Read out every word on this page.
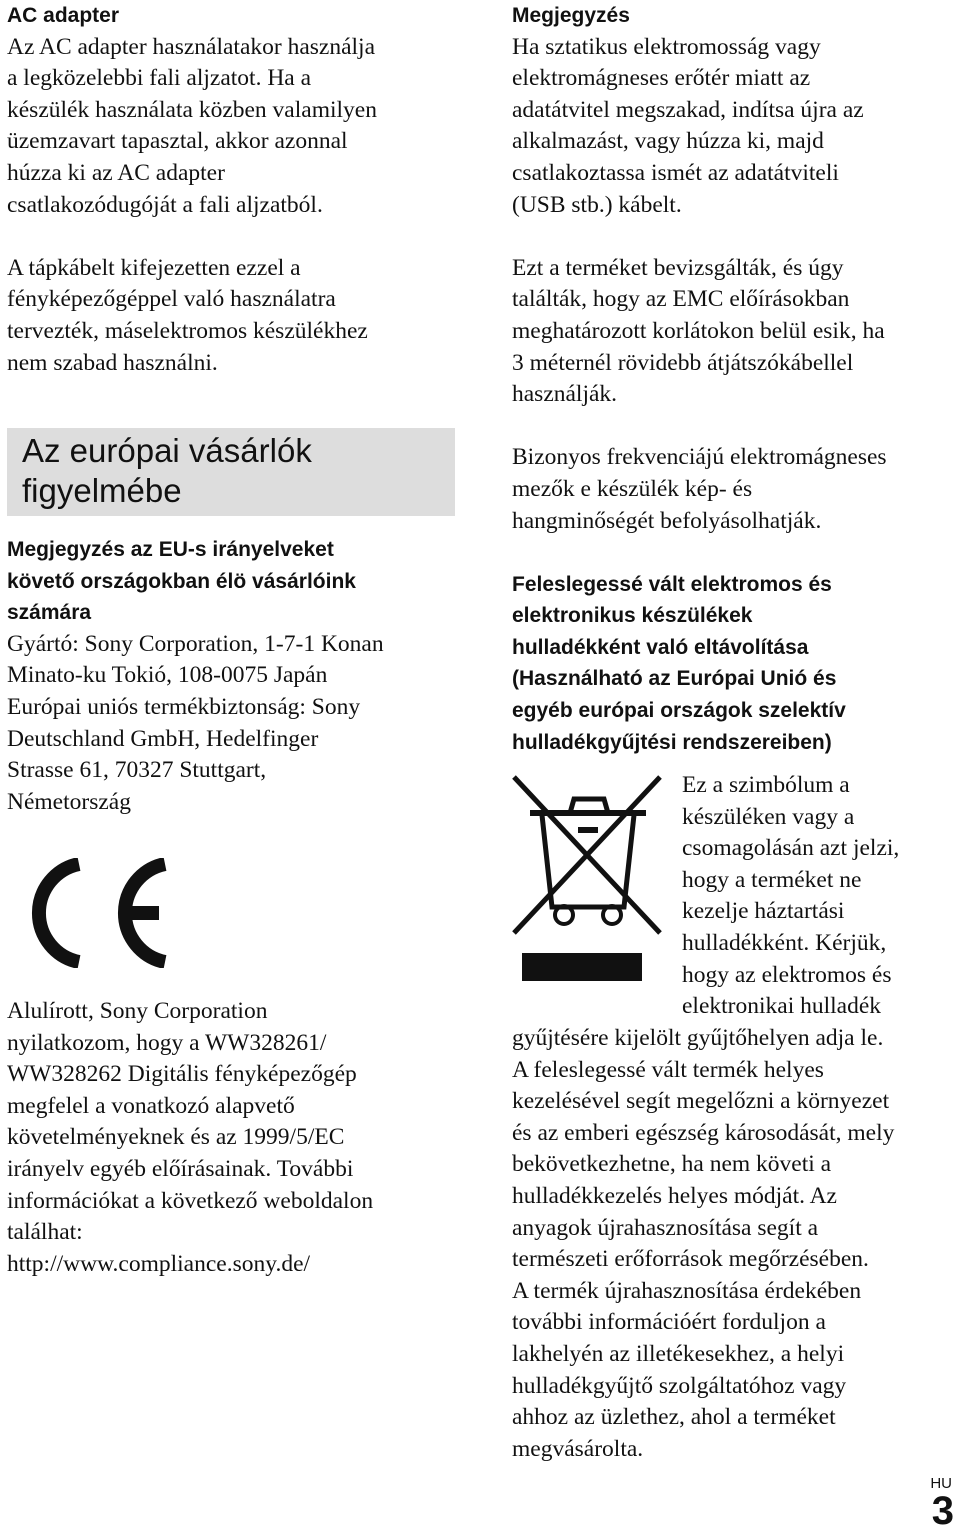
AC adapter

Az AC adapter használatakor használja
a legközelebbi fali aljzatot. Ha a
készülék használata közben valamilyen
üzemzavart tapasztal, akkor azonnal
húzza ki az AC adapter
csatlakozódugóját a fali aljzatból.

A tápkábelt kifejezetten ezzel a
fényképezőgéppel való használatra
tervezték, máselektromos készülékhez
nem szabad használni.

Az európai vásárlók
figyelmébe
Megjegyzés az EU-s irányelveket
követő országokban élö vásárlóink
számára

Gyártó: Sony Corporation, 1-7-1 Konan
Minato-ku Tokió, 108-0075 Japán
Európai uniós termékbiztonság: Sony
Deutschland GmbH, Hedelfinger
Strasse 61, 70327 Stuttgart,
Németország

Alulírott, Sony Corporation
nyilatkozom, hogy a WW328261/
WW328262 Digitális fényképezőgép
megfelel a vonatkozó alapvető
követelményeknek és az 1999/5/EC
irányelv egyéb előírásainak. További
információkat a következő weboldalon
találhat:
http://www.compliance.sony.de/

Megjegyzés

Ha sztatikus elektromosság vagy
elektromágneses erőtér miatt az
adatátvitel megszakad, indítsa újra az
alkalmazást, vagy húzza ki, majd
csatlakoztassa ismét az adatátviteli
(USB stb.) kábelt.

Ezt a terméket bevizsgálták, és úgy
találták, hogy az EMC előírásokban
meghatározott korlátokon belül esik, ha
3 méternél rövidebb átjátszókábellel
használják.

Bizonyos frekvenciájú elektromágneses
mezők e készülék kép- és
hangminőségét befolyásolhatják.

Feleslegessé vált elektromos és
elektronikus készülékek
hulladékként való eltávolítása
(Használható az Európai Unió és
egyéb európai országok szelektív
hulladékgyűjtési rendszereiben)

Ez a szimbólum a
készüléken vagy a
csomagolásán azt jelzi,
hogy a terméket ne
kezelje háztartási
hulladékként. Kérjük,
hogy az elektromos és
elektronikai hulladék

gyűjtésére kijelölt gyűjtőhelyen adja le.
A feleslegessé vált termék helyes
kezelésével segít megelőzni a környezet
és az emberi egészség károsodását, mely
bekövetkezhetne, ha nem követi a
hulladékkezelés helyes módját. Az
anyagok újrahasznosítása segít a
természeti erőforrások megőrzésében.
A termék újrahasznosítása érdekében
további információért forduljon a
lakhelyén az illetékesekhez, a helyi
hulladékgyűjtő szolgáltatóhoz vagy
ahhoz az üzlethez, ahol a terméket
megvásárolta.

HU
3
